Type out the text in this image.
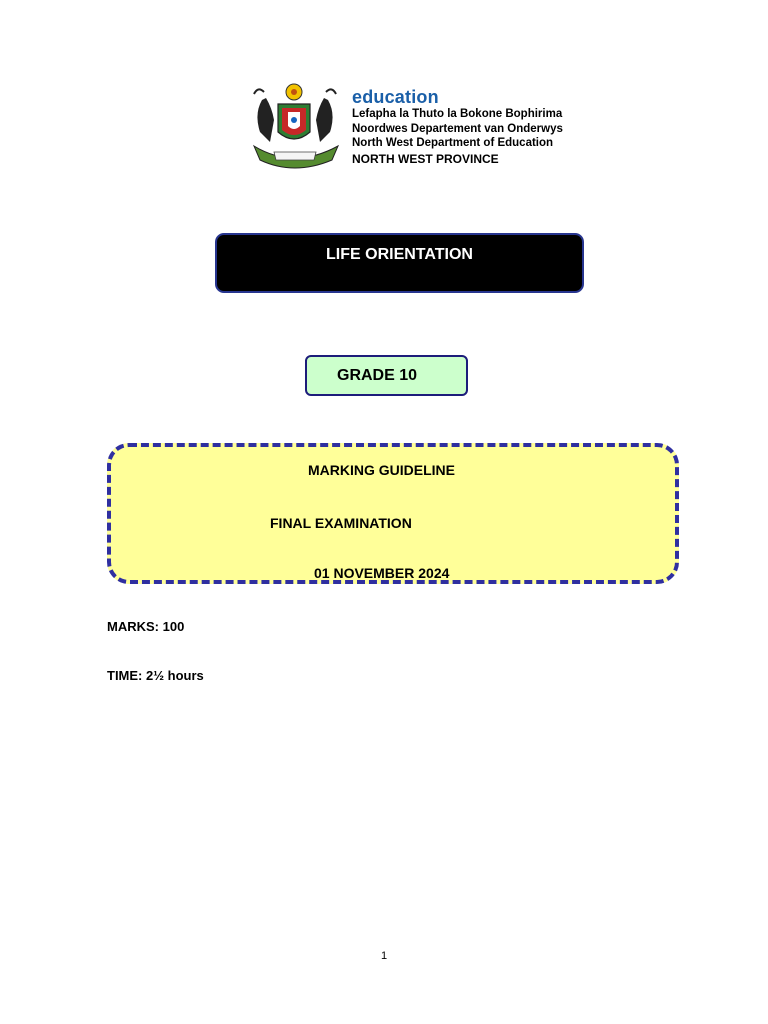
education
Lefapha la Thuto la Bokone Bophirima
Noordwes Departement van Onderwys
North West Department of Education
NORTH WEST PROVINCE
LIFE ORIENTATION
GRADE 10
MARKING GUIDELINE
FINAL EXAMINATION
01 NOVEMBER 2024
MARKS: 100
TIME: 2½ hours
1
